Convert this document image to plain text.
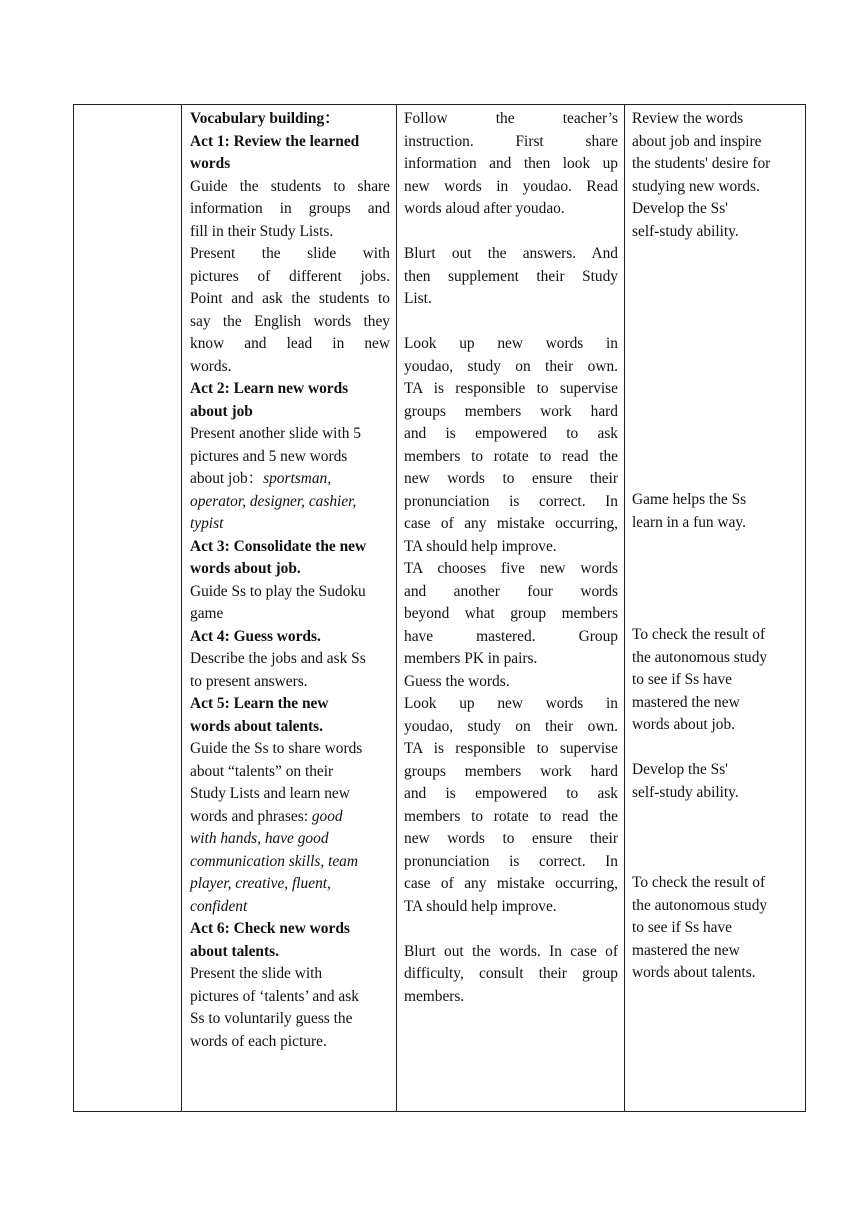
Vocabulary building：
Act 1: Review the learned
words
Guide the students to share
information in groups and
fill in their Study Lists.
Present the slide with
pictures of different jobs.
Point and ask the students to
say the English words they
know and lead in new
words.
Act 2: Learn new words
about job
Present another slide with 5
pictures and 5 new words
about job：sportsman,
operator, designer, cashier,
typist
Act 3: Consolidate the new
words about job.
Guide Ss to play the Sudoku
game
Act 4: Guess words.
Describe the jobs and ask Ss
to present answers.
Act 5: Learn the new
words about talents.
Guide the Ss to share words
about “talents” on their
Study Lists and learn new
words and phrases: good
with hands, have good
communication skills, team
player, creative, fluent,
confident
Act 6: Check new words
about talents.
Present the slide with
pictures of ‘talents’ and ask
Ss to voluntarily guess the
words of each picture.
Follow the teacher’s
instruction. First share
information and then look up
new words in youdao. Read
words aloud after youdao.
Blurt out the answers. And
then supplement their Study
List.
Look up new words in
youdao, study on their own.
TA is responsible to supervise
groups members work hard
and is empowered to ask
members to rotate to read the
new words to ensure their
pronunciation is correct. In
case of any mistake occurring,
TA should help improve.
TA chooses five new words
and another four words
beyond what group members
have mastered. Group
members PK in pairs.
Guess the words.
Look up new words in
youdao, study on their own.
TA is responsible to supervise
groups members work hard
and is empowered to ask
members to rotate to read the
new words to ensure their
pronunciation is correct. In
case of any mistake occurring,
TA should help improve.
Blurt out the words. In case of
difficulty, consult their group
members.
Review the words
about job and inspire
the students' desire for
studying new words.
Develop the Ss'
self-study ability.
Game helps the Ss
learn in a fun way.
To check the result of
the autonomous study
to see if Ss have
mastered the new
words about job.
Develop the Ss'
self-study ability.
To check the result of
the autonomous study
to see if Ss have
mastered the new
words about talents.
